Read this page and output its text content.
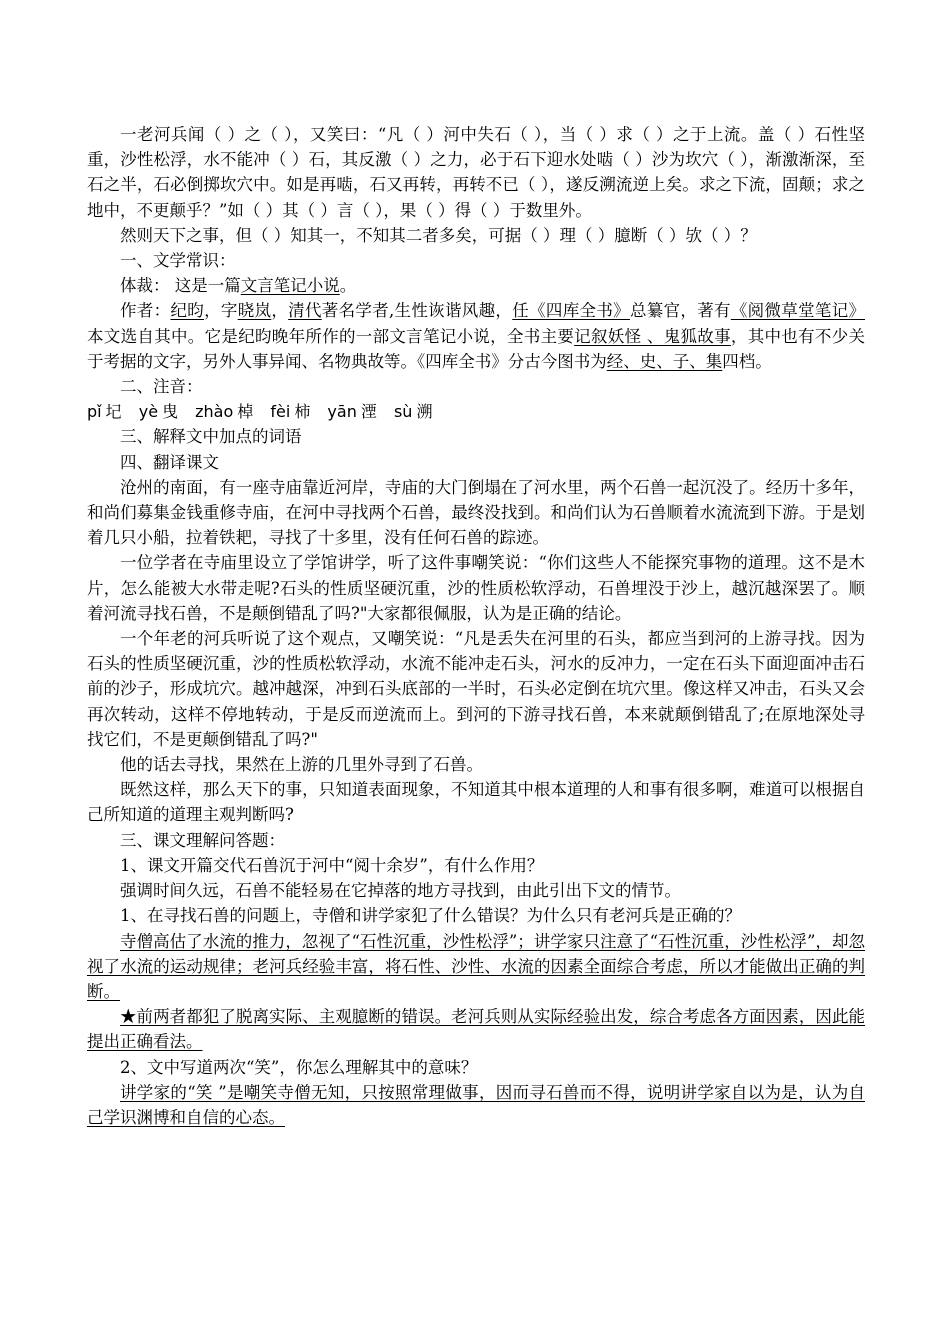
一老河兵闻（ ）之（ ），又笑曰：“凡（ ）河中失石（ ），当（ ）求（ ）之于上流。盖（ ）石性坚重，沙性松浮，水不能冲（ ）石，其反激（ ）之力，必于石下迎水处啮（ ）沙为坎穴（ ），渐激渐深，至石之半，石必倒掷坎穴中。如是再啮，石又再转，再转不已（ ），遂反溯流逆上矣。求之下流，固颠；求之地中，不更颠乎？”如（ ）其（ ）言（ ），果（ ）得（ ）于数里外。

然则天下之事，但（ ）知其一，不知其二者多矣，可据（ ）理（ ）臆断（ ）欤（ ）？

一、文学常识：

体裁： 这是一篇文言笔记小说。

作者：纪昀，字晓岚，清代著名学者,生性诙谐风趣，任《四库全书》总纂官，著有《阅微草堂笔记》本文选自其中。它是纪昀晚年所作的一部文言笔记小说，全书主要记叙妖怪 、鬼狐故事，其中也有不少关于考据的文字，另外人事异闻、名物典故等。《四库全书》分古今图书为经、史、子、集四档。

二、注音：

pǐ 圮 yè 曳 zhào 棹 fèi 柿 yān 湮 sù 溯

三、解释文中加点的词语

四、翻译课文

沧州的南面，有一座寺庙靠近河岸，寺庙的大门倒塌在了河水里，两个石兽一起沉没了。经历十多年，和尚们募集金钱重修寺庙，在河中寻找两个石兽，最终没找到。和尚们认为石兽顺着水流流到下游。于是划着几只小船，拉着铁耙，寻找了十多里，没有任何石兽的踪迹。

一位学者在寺庙里设立了学馆讲学，听了这件事嘲笑说：“你们这些人不能探究事物的道理。这不是木片，怎么能被大水带走呢?石头的性质坚硬沉重，沙的性质松软浮动，石兽埋没于沙上，越沉越深罢了。顺着河流寻找石兽，不是颠倒错乱了吗?"大家都很佩服，认为是正确的结论。

一个年老的河兵听说了这个观点，又嘲笑说：“凡是丢失在河里的石头，都应当到河的上游寻找。因为石头的性质坚硬沉重，沙的性质松软浮动，水流不能冲走石头，河水的反冲力，一定在石头下面迎面冲击石前的沙子，形成坑穴。越冲越深，冲到石头底部的一半时，石头必定倒在坑穴里。像这样又冲击，石头又会再次转动，这样不停地转动，于是反而逆流而上。到河的下游寻找石兽，本来就颠倒错乱了;在原地深处寻找它们，不是更颠倒错乱了吗?"

他的话去寻找，果然在上游的几里外寻到了石兽。

既然这样，那么天下的事，只知道表面现象，不知道其中根本道理的人和事有很多啊，难道可以根据自己所知道的道理主观判断吗?

三、课文理解问答题：

1、课文开篇交代石兽沉于河中“阅十余岁”，有什么作用？

强调时间久远，石兽不能轻易在它掉落的地方寻找到，由此引出下文的情节。

1、在寻找石兽的问题上，寺僧和讲学家犯了什么错误？为什么只有老河兵是正确的？

寺僧高估了水流的推力，忽视了“石性沉重，沙性松浮”；讲学家只注意了“石性沉重，沙性松浮”，却忽视了水流的运动规律；老河兵经验丰富，将石性、沙性、水流的因素全面综合考虑，所以才能做出正确的判断。

★前两者都犯了脱离实际、主观臆断的错误。老河兵则从实际经验出发，综合考虑各方面因素，因此能提出正确看法。

2、文中写道两次“笑”，你怎么理解其中的意味？

讲学家的“笑 ”是嘲笑寺僧无知，只按照常理做事，因而寻石兽而不得，说明讲学家自以为是，认为自己学识渊博和自信的心态。
